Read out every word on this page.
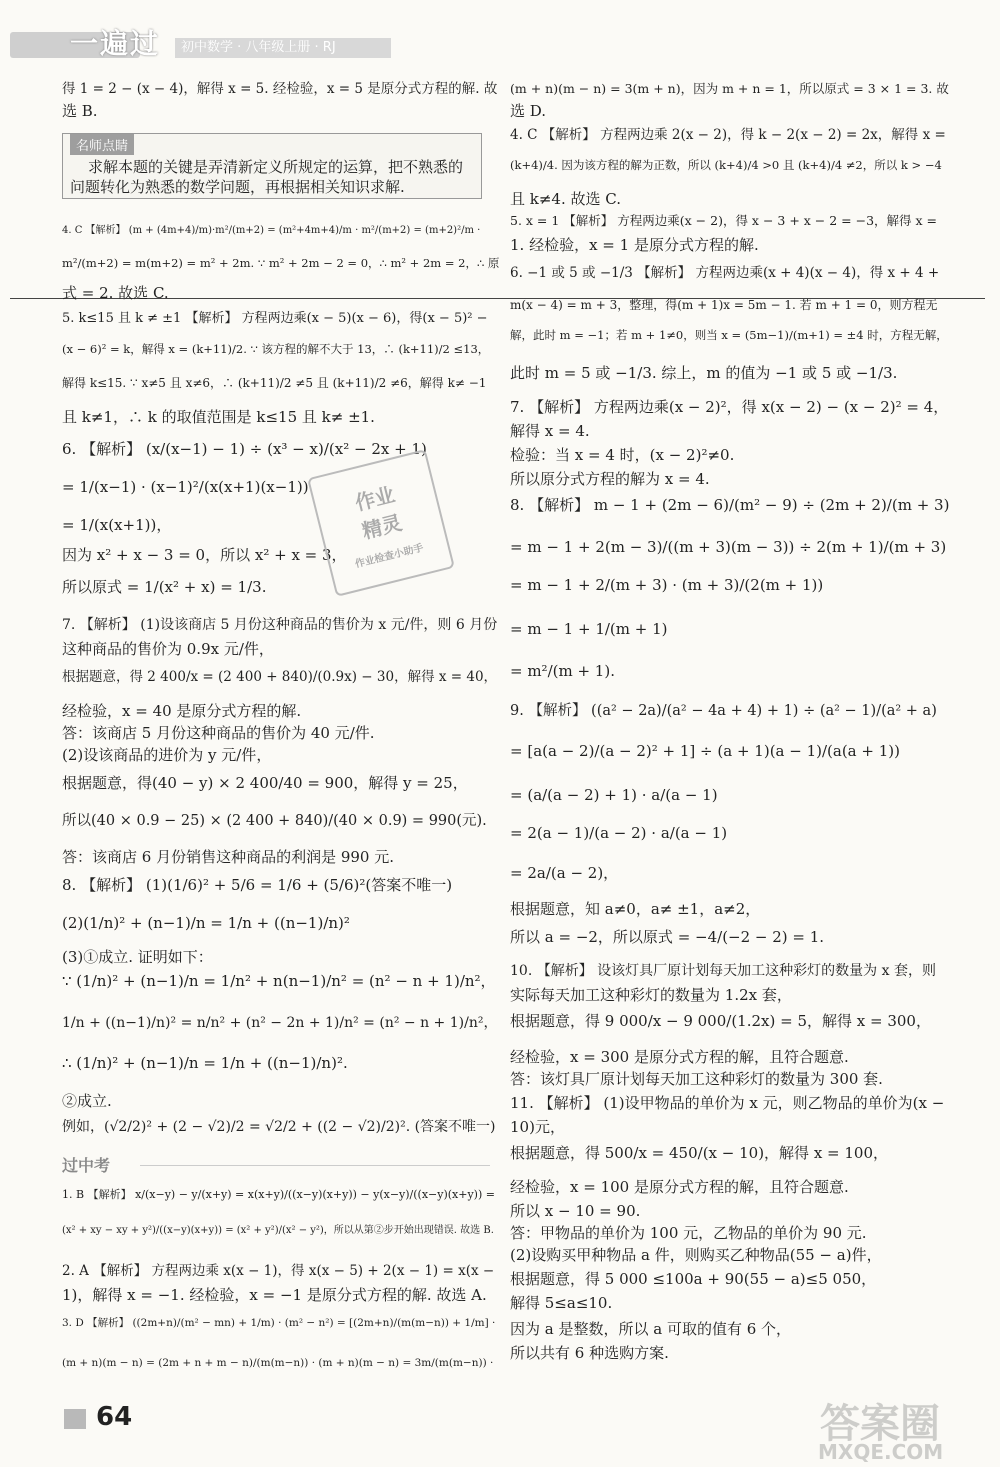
一遍过	初中数学 · 八年级上册 · RJ
名师点睛
求解本题的关键是弄清新定义所规定的运算，把不熟悉的
问题转化为熟悉的数学问题，再根据相关知识求解.
得 1 = 2 − (x − 4)，解得 x = 5. 经检验，x = 5 是原分式方程的解. 故
选 B.
4. C 【解析】 (m + (4m+4)/m)·m²/(m+2) = (m²+4m+4)/m · m²/(m+2) = (m+2)²/m ·
m²/(m+2) = m(m+2) = m² + 2m. ∵ m² + 2m − 2 = 0，∴ m² + 2m = 2，∴ 原
式 = 2. 故选 C.
5. k≤15 且 k ≠ ±1 【解析】 方程两边乘(x − 5)(x − 6)，得(x − 5)² −
(x − 6)² = k，解得 x = (k+11)/2. ∵ 该方程的解不大于 13，∴ (k+11)/2 ≤13，
解得 k≤15. ∵ x≠5 且 x≠6，∴ (k+11)/2 ≠5 且 (k+11)/2 ≠6，解得 k≠ −1
且 k≠1，∴ k 的取值范围是 k≤15 且 k≠ ±1.
6. 【解析】 (x/(x−1) − 1) ÷ (x³ − x)/(x² − 2x + 1)
= 1/(x−1) · (x−1)²/(x(x+1)(x−1))
= 1/(x(x+1))，
因为 x² + x − 3 = 0，所以 x² + x = 3，
所以原式 = 1/(x² + x) = 1/3.
7. 【解析】 (1)设该商店 5 月份这种商品的售价为 x 元/件，则 6 月份
这种商品的售价为 0.9x 元/件，
根据题意，得 2 400/x = (2 400 + 840)/(0.9x) − 30，解得 x = 40，
经检验，x = 40 是原分式方程的解.
答：该商店 5 月份这种商品的售价为 40 元/件.
(2)设该商品的进价为 y 元/件，
根据题意，得(40 − y) × 2 400/40 = 900，解得 y = 25，
所以(40 × 0.9 − 25) × (2 400 + 840)/(40 × 0.9) = 990(元).
答：该商店 6 月份销售这种商品的利润是 990 元.
8. 【解析】 (1)(1/6)² + 5/6 = 1/6 + (5/6)²(答案不唯一)
(2)(1/n)² + (n−1)/n = 1/n + ((n−1)/n)²
(3)①成立. 证明如下：
∵ (1/n)² + (n−1)/n = 1/n² + n(n−1)/n² = (n² − n + 1)/n²，
1/n + ((n−1)/n)² = n/n² + (n² − 2n + 1)/n² = (n² − n + 1)/n²，
∴ (1/n)² + (n−1)/n = 1/n + ((n−1)/n)².
②成立.
例如，(√2/2)² + (2 − √2)/2 = √2/2 + ((2 − √2)/2)². (答案不唯一)
1. B 【解析】 x/(x−y) − y/(x+y) = x(x+y)/((x−y)(x+y)) − y(x−y)/((x−y)(x+y)) =
(x² + xy − xy + y²)/((x−y)(x+y)) = (x² + y²)/(x² − y²)，所以从第②步开始出现错误. 故选 B.
2. A 【解析】 方程两边乘 x(x − 1)，得 x(x − 5) + 2(x − 1) = x(x −
1)，解得 x = −1. 经检验，x = −1 是原分式方程的解. 故选 A.
3. D 【解析】 ((2m+n)/(m² − mn) + 1/m) · (m² − n²) = [(2m+n)/(m(m−n)) + 1/m] ·
(m + n)(m − n) = (2m + n + m − n)/(m(m−n)) · (m + n)(m − n) = 3m/(m(m−n)) ·
(m + n)(m − n) = 3(m + n)，因为 m + n = 1，所以原式 = 3 × 1 = 3. 故
选 D.
4. C 【解析】 方程两边乘 2(x − 2)，得 k − 2(x − 2) = 2x，解得 x =
(k+4)/4. 因为该方程的解为正数，所以 (k+4)/4 >0 且 (k+4)/4 ≠2，所以 k > −4
且 k≠4. 故选 C.
5. x = 1 【解析】 方程两边乘(x − 2)，得 x − 3 + x − 2 = −3，解得 x =
1. 经检验，x = 1 是原分式方程的解.
6. −1 或 5 或 −1/3 【解析】 方程两边乘(x + 4)(x − 4)，得 x + 4 +
m(x − 4) = m + 3，整理，得(m + 1)x = 5m − 1. 若 m + 1 = 0，则方程无
解，此时 m = −1；若 m + 1≠0，则当 x = (5m−1)/(m+1) = ±4 时，方程无解，
此时 m = 5 或 −1/3. 综上，m 的值为 −1 或 5 或 −1/3.
7. 【解析】 方程两边乘(x − 2)²，得 x(x − 2) − (x − 2)² = 4，
解得 x = 4.
检验：当 x = 4 时，(x − 2)²≠0.
所以原分式方程的解为 x = 4.
8. 【解析】 m − 1 + (2m − 6)/(m² − 9) ÷ (2m + 2)/(m + 3)
= m − 1 + 2(m − 3)/((m + 3)(m − 3)) ÷ 2(m + 1)/(m + 3)
= m − 1 + 2/(m + 3) · (m + 3)/(2(m + 1))
= m − 1 + 1/(m + 1)
= m²/(m + 1).
9. 【解析】 ((a² − 2a)/(a² − 4a + 4) + 1) ÷ (a² − 1)/(a² + a)
= [a(a − 2)/(a − 2)² + 1] ÷ (a + 1)(a − 1)/(a(a + 1))
= (a/(a − 2) + 1) · a/(a − 1)
= 2(a − 1)/(a − 2) · a/(a − 1)
= 2a/(a − 2)，
根据题意，知 a≠0，a≠ ±1，a≠2，
所以 a = −2，所以原式 = −4/(−2 − 2) = 1.
10. 【解析】 设该灯具厂原计划每天加工这种彩灯的数量为 x 套，则
实际每天加工这种彩灯的数量为 1.2x 套，
根据题意，得 9 000/x − 9 000/(1.2x) = 5，解得 x = 300，
经检验，x = 300 是原分式方程的解，且符合题意.
答：该灯具厂原计划每天加工这种彩灯的数量为 300 套.
11. 【解析】 (1)设甲物品的单价为 x 元，则乙物品的单价为(x −
10)元，
根据题意，得 500/x = 450/(x − 10)，解得 x = 100，
经检验，x = 100 是原分式方程的解，且符合题意.
所以 x − 10 = 90.
答：甲物品的单价为 100 元，乙物品的单价为 90 元.
(2)设购买甲种物品 a 件，则购买乙种物品(55 − a)件，
根据题意，得 5 000 ≤100a + 90(55 − a)≤5 050，
解得 5≤a≤10.
因为 a 是整数，所以 a 可取的值有 6 个，
所以共有 6 种选购方案.
作业
精灵
作业检查小助手
过中考
64	答案圈
MXQE.COM
